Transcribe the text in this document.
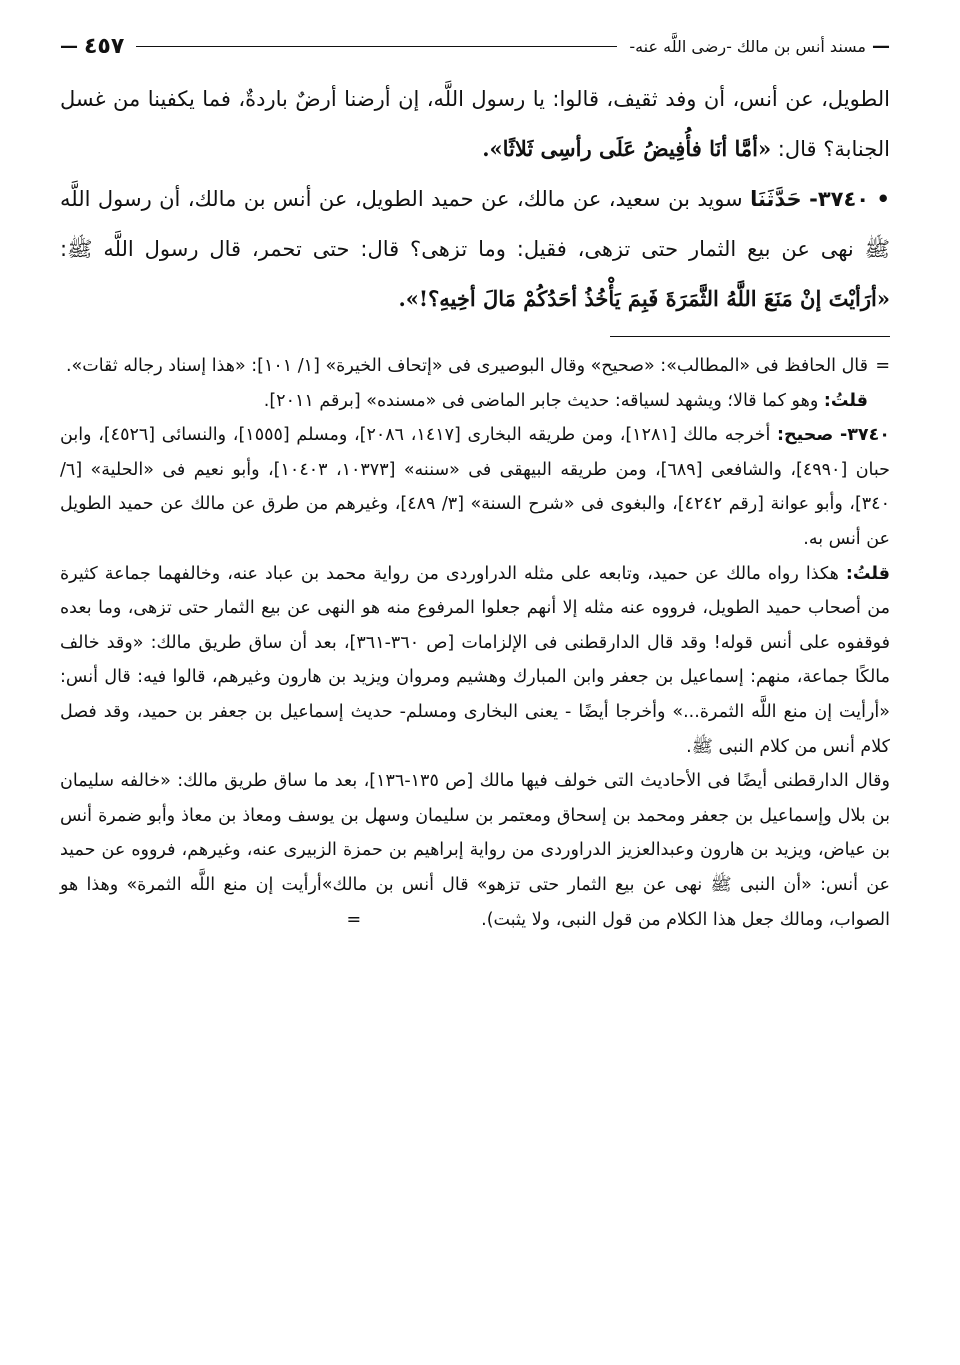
—
مسند أنس بن مالك -رضى اللَّه عنه-
٤٥٧
—

الطويل، عن أنس، أن وفد ثقيف، قالوا: يا رسول اللَّه، إن أرضنا أرضٌ باردةٌ، فما يكفينا من غسل الجنابة؟ قال: «أمَّا أنَا فأُفِيضُ عَلَى رأسِى ثَلاثًا».

• ٣٧٤٠- حَدَّثَنَا سويد بن سعيد، عن مالك، عن حميد الطويل، عن أنس بن مالك، أن رسول اللَّه ﷺ نهى عن بيع الثمار حتى تزهى، فقيل: وما تزهى؟ قال: حتى تحمر، قال رسول اللَّه ﷺ: «أرَأيْتَ إنْ مَنَعَ اللَّهُ الثَّمَرَةَ فَبِمَ يَأْخُذُ أحَدُكُمْ مَالَ أخِيهِ؟!».

=قال الحافظ فى «المطالب»: «صحيح» وقال البوصيرى فى «إتحاف الخيرة» [١/ ١٠١]: «هذا إسناد رجاله ثقات».

قلتُ: وهو كما قالا؛ ويشهد لسياقه: حديث جابر الماضى فى «مسنده» [برقم ٢٠١١].

٣٧٤٠- صحيح: أخرجه مالك [١٢٨١]، ومن طريقه البخارى [١٤١٧، ٢٠٨٦]، ومسلم [١٥٥٥]، والنسائى [٤٥٢٦]، وابن حبان [٤٩٩٠]، والشافعى [٦٨٩]، ومن طريقه البيهقى فى «سننه» [١٠٣٧٣، ١٠٤٠٣]، وأبو نعيم فى «الحلية» [٦/ ٣٤٠]، وأبو عوانة [رقم ٤٢٤٢]، والبغوى فى «شرح السنة» [٣/ ٤٨٩]، وغيرهم من طرق عن مالك عن حميد الطويل عن أنس به.

قلتُ: هكذا رواه مالك عن حميد، وتابعه على مثله الدراوردى من رواية محمد بن عباد عنه، وخالفهما جماعة كثيرة من أصحاب حميد الطويل، فرووه عنه مثله إلا أنهم جعلوا المرفوع منه هو النهى عن بيع الثمار حتى تزهى، وما بعده فوقفوه على أنس قوله! وقد قال الدارقطنى فى الإلزامات [ص ٣٦٠-٣٦١]، بعد أن ساق طريق مالك: «وقد خالف مالكًا جماعة، منهم: إسماعيل بن جعفر وابن المبارك وهشيم ومروان ويزيد بن هارون وغيرهم، قالوا فيه: قال أنس: «أرأيت إن منع اللَّه الثمرة...» وأخرجا أيضًا - يعنى البخارى ومسلم- حديث إسماعيل بن جعفر بن حميد، وقد فصل كلام أنس من كلام النبى ﷺ.

وقال الدارقطنى أيضًا فى الأحاديث التى خولف فيها مالك [ص ١٣٥-١٣٦]، بعد ما ساق طريق مالك: «خالفه سليمان بن بلال وإسماعيل بن جعفر ومحمد بن إسحاق ومعتمر بن سليمان وسهل بن يوسف ومعاذ بن معاذ وأبو ضمرة أنس بن عياض، ويزيد بن هارون وعبدالعزيز الدراوردى من رواية إبراهيم بن حمزة الزبيرى عنه، وغيرهم، فرووه عن حميد عن أنس: «أن النبى ﷺ نهى عن بيع الثمار حتى تزهو» قال أنس بن مالك»أرأيت إن منع اللَّه الثمرة» وهذا هو الصواب، ومالك جعل هذا الكلام من قول النبى، ولا يثبت).=
